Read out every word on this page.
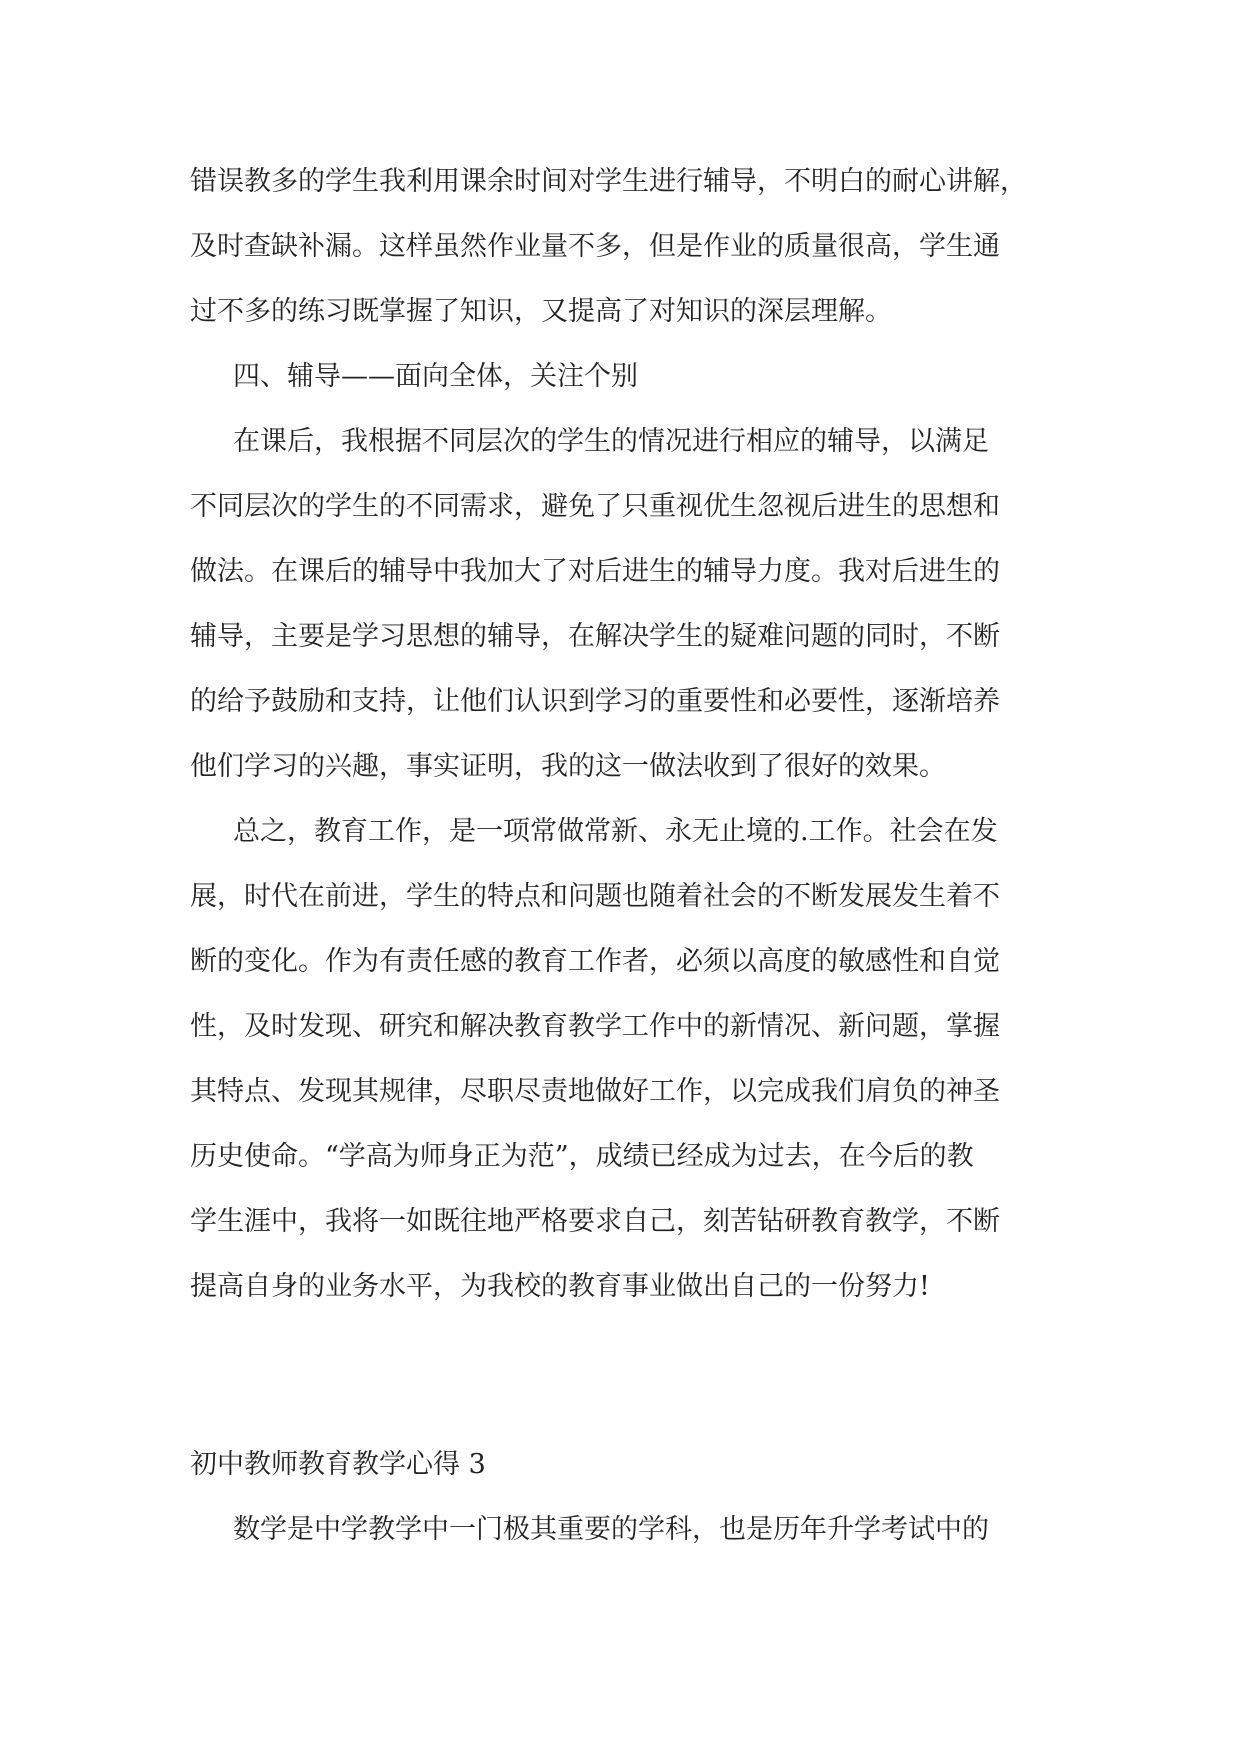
错误教多的学生我利用课余时间对学生进行辅导，不明白的耐心讲解，

及时查缺补漏。这样虽然作业量不多，但是作业的质量很高，学生通

过不多的练习既掌握了知识，又提高了对知识的深层理解。

四、辅导——面向全体，关注个别

在课后，我根据不同层次的学生的情况进行相应的辅导，以满足

不同层次的学生的不同需求，避免了只重视优生忽视后进生的思想和

做法。在课后的辅导中我加大了对后进生的辅导力度。我对后进生的

辅导，主要是学习思想的辅导，在解决学生的疑难问题的同时，不断

的给予鼓励和支持，让他们认识到学习的重要性和必要性，逐渐培养

他们学习的兴趣，事实证明，我的这一做法收到了很好的效果。

总之，教育工作，是一项常做常新、永无止境的.工作。社会在发

展，时代在前进，学生的特点和问题也随着社会的不断发展发生着不

断的变化。作为有责任感的教育工作者，必须以高度的敏感性和自觉

性，及时发现、研究和解决教育教学工作中的新情况、新问题，掌握

其特点、发现其规律，尽职尽责地做好工作，以完成我们肩负的神圣

历史使命。“学高为师身正为范”，成绩已经成为过去，在今后的教

学生涯中，我将一如既往地严格要求自己，刻苦钻研教育教学，不断

提高自身的业务水平，为我校的教育事业做出自己的一份努力!

初中教师教育教学心得 3

数学是中学教学中一门极其重要的学科，也是历年升学考试中的
